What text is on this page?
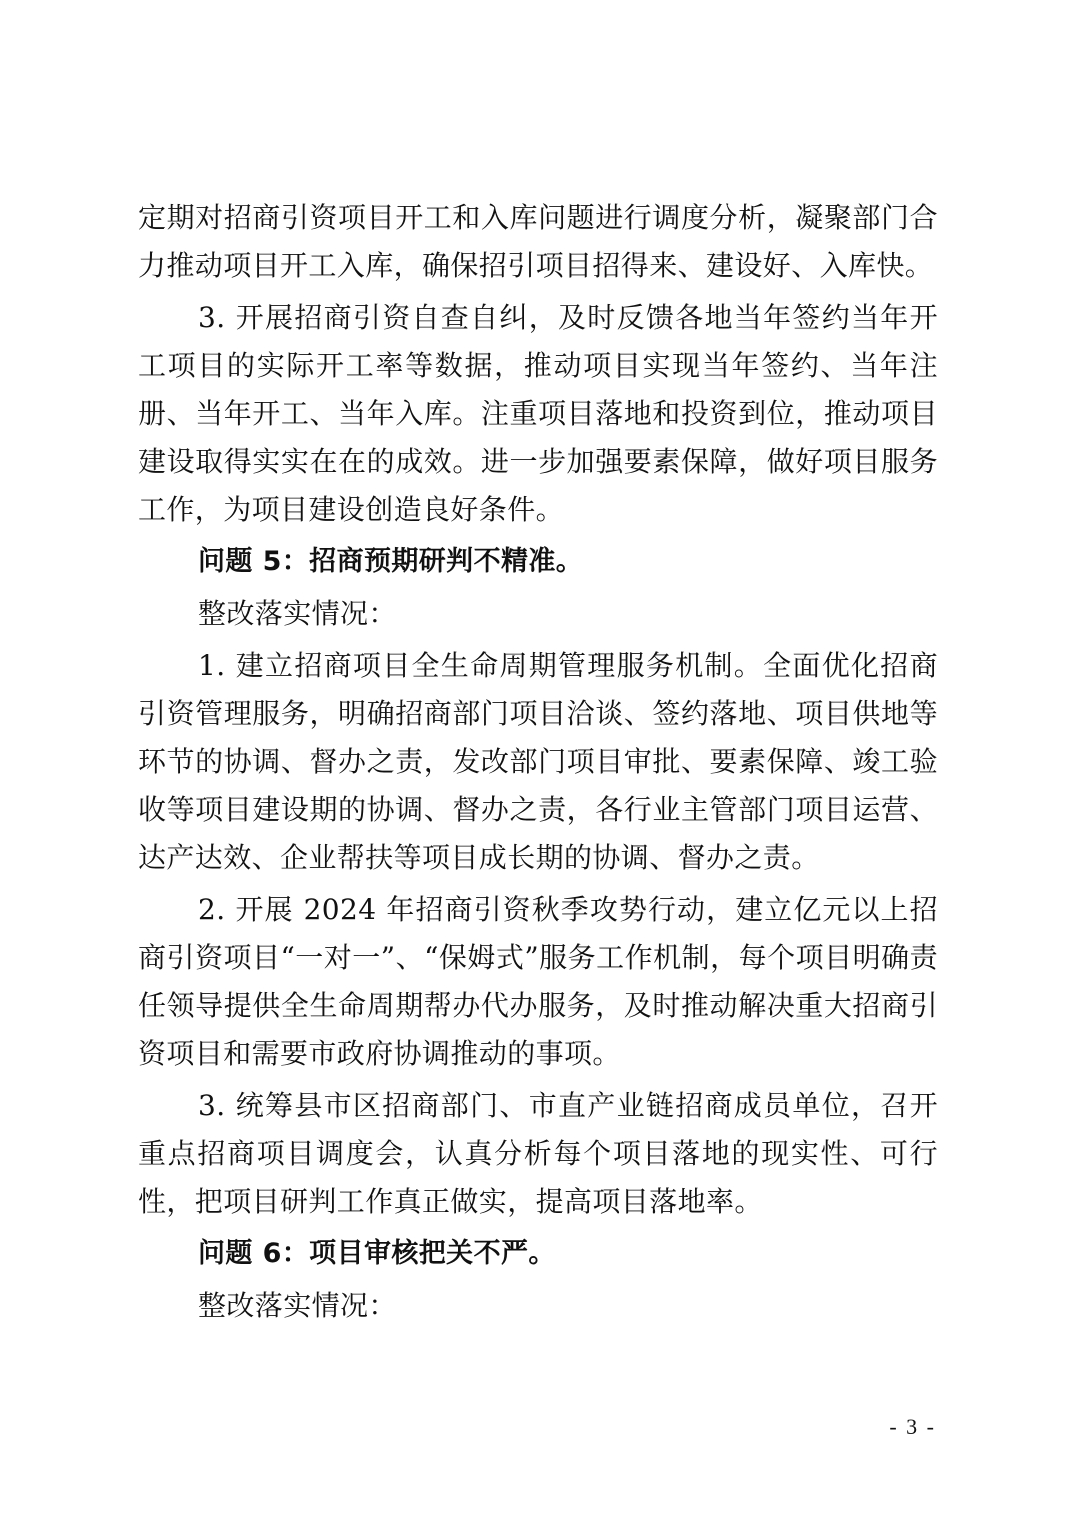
定期对招商引资项目开工和入库问题进行调度分析，凝聚部门合力推动项目开工入库，确保招引项目招得来、建设好、入库快。

3. 开展招商引资自查自纠，及时反馈各地当年签约当年开工项目的实际开工率等数据，推动项目实现当年签约、当年注册、当年开工、当年入库。注重项目落地和投资到位，推动项目建设取得实实在在的成效。进一步加强要素保障，做好项目服务工作，为项目建设创造良好条件。

问题 5：招商预期研判不精准。

整改落实情况：

1. 建立招商项目全生命周期管理服务机制。全面优化招商引资管理服务，明确招商部门项目洽谈、签约落地、项目供地等环节的协调、督办之责，发改部门项目审批、要素保障、竣工验收等项目建设期的协调、督办之责，各行业主管部门项目运营、达产达效、企业帮扶等项目成长期的协调、督办之责。

2. 开展 2024 年招商引资秋季攻势行动，建立亿元以上招商引资项目“一对一”、“保姆式”服务工作机制，每个项目明确责任领导提供全生命周期帮办代办服务，及时推动解决重大招商引资项目和需要市政府协调推动的事项。

3. 统筹县市区招商部门、市直产业链招商成员单位，召开重点招商项目调度会，认真分析每个项目落地的现实性、可行性，把项目研判工作真正做实，提高项目落地率。

问题 6：项目审核把关不严。

整改落实情况：

- 3 -
